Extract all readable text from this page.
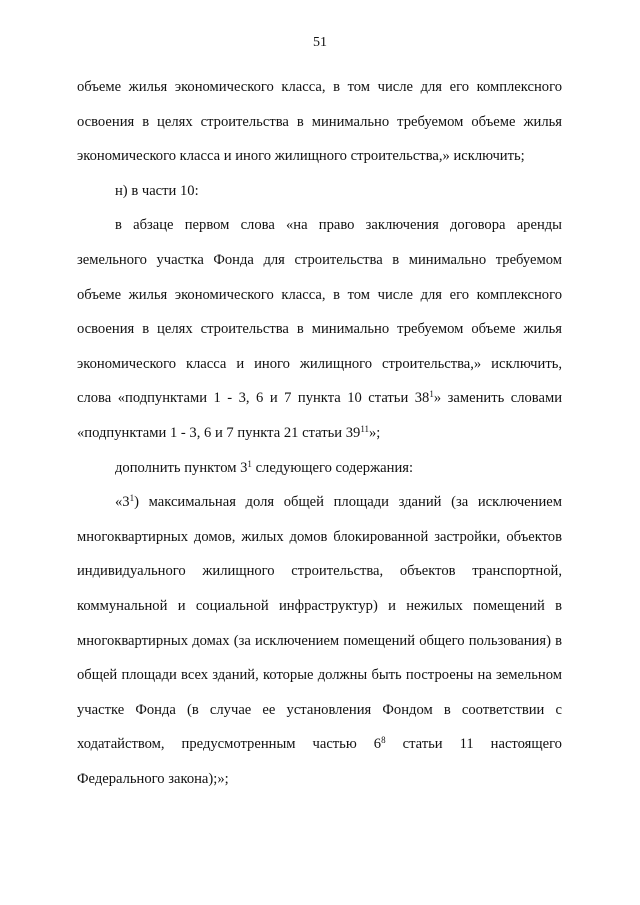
51

объеме жилья экономического класса, в том числе для его комплексного освоения в целях строительства в минимально требуемом объеме жилья экономического класса и иного жилищного строительства,» исключить;

н) в части 10:

в абзаце первом слова «на право заключения договора аренды земельного участка Фонда для строительства в минимально требуемом объеме жилья экономического класса, в том числе для его комплексного освоения в целях строительства в минимально требуемом объеме жилья экономического класса и иного жилищного строительства,» исключить, слова «подпунктами 1 - 3, 6 и 7 пункта 10 статьи $38^1$» заменить словами «подпунктами 1 - 3, 6 и 7 пункта 21 статьи $39^{11}$»;

дополнить пунктом $3^1$ следующего содержания:

«$3^1$) максимальная доля общей площади зданий (за исключением многоквартирных домов, жилых домов блокированной застройки, объектов индивидуального жилищного строительства, объектов транспортной, коммунальной и социальной инфраструктур) и нежилых помещений в многоквартирных домах (за исключением помещений общего пользования) в общей площади всех зданий, которые должны быть построены на земельном участке Фонда (в случае ее установления Фондом в соответствии с ходатайством, предусмотренным частью $6^8$ статьи 11 настоящего Федерального закона);»;
